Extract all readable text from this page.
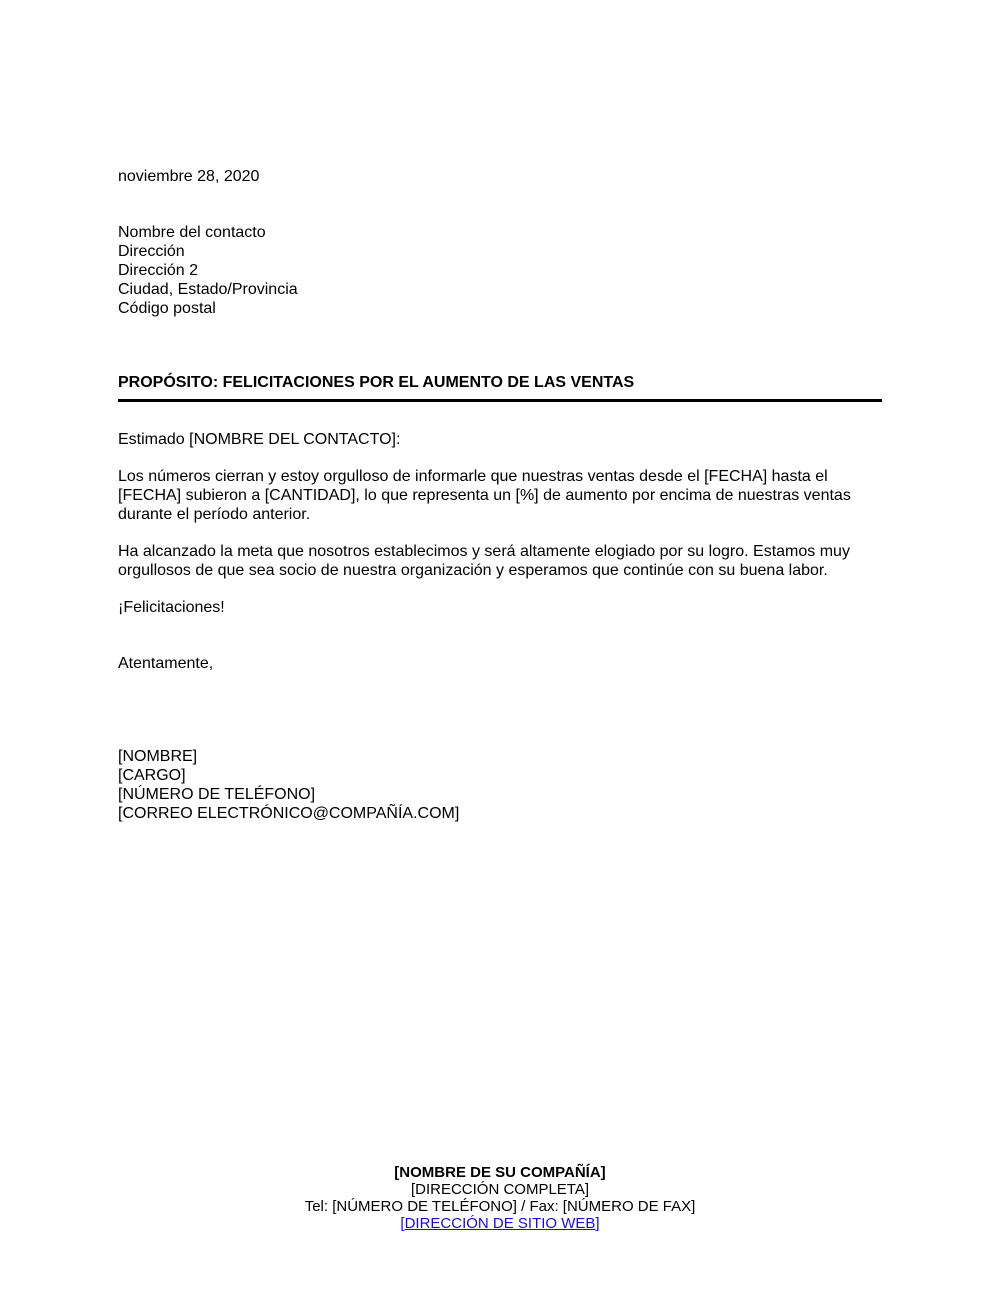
noviembre 28, 2020
Nombre del contacto
Dirección
Dirección 2
Ciudad, Estado/Provincia
Código postal
PROPÓSITO: FELICITACIONES POR EL AUMENTO DE LAS VENTAS
Estimado [NOMBRE DEL CONTACTO]:
Los números cierran y estoy orgulloso de informarle que nuestras ventas desde el [FECHA] hasta el
[FECHA] subieron a [CANTIDAD], lo que representa un [%] de aumento por encima de nuestras ventas
durante el período anterior.
Ha alcanzado la meta que nosotros establecimos y será altamente elogiado por su logro. Estamos muy
orgullosos de que sea socio de nuestra organización y esperamos que continúe con su buena labor.
¡Felicitaciones!
Atentamente,
[NOMBRE]
[CARGO]
[NÚMERO DE TELÉFONO]
[CORREO ELECTRÓNICO@COMPAÑÍA.COM]
[NOMBRE DE SU COMPAÑÍA]
[DIRECCIÓN COMPLETA]
Tel: [NÚMERO DE TELÉFONO] / Fax: [NÚMERO DE FAX]
[DIRECCIÓN DE SITIO WEB]
